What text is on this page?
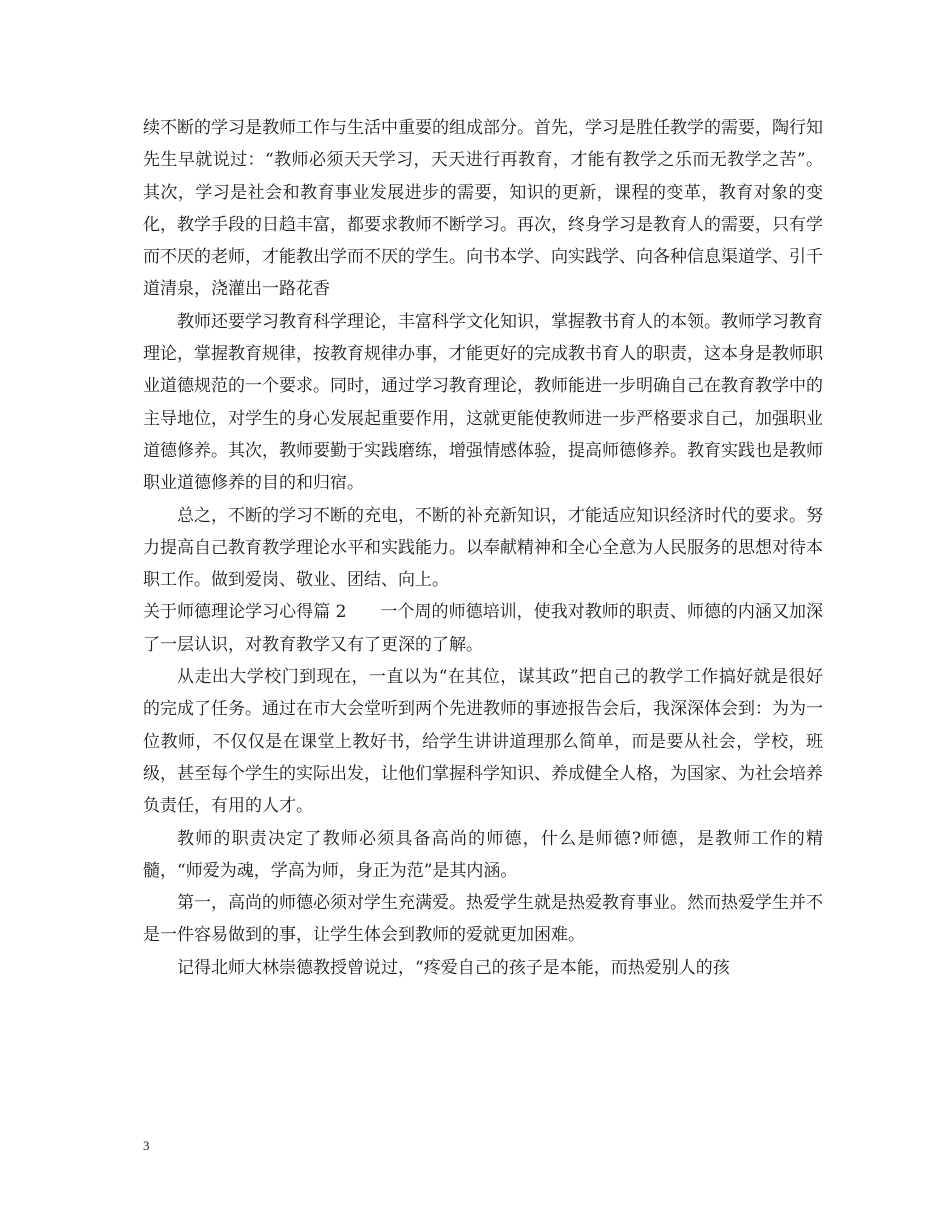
续不断的学习是教师工作与生活中重要的组成部分。首先，学习是胜任教学的需要，陶行知先生早就说过：“教师必须天天学习，天天进行再教育，才能有教学之乐而无教学之苦”。其次，学习是社会和教育事业发展进步的需要，知识的更新，课程的变革，教育对象的变化，教学手段的日趋丰富，都要求教师不断学习。再次，终身学习是教育人的需要，只有学而不厌的老师，才能教出学而不厌的学生。向书本学、向实践学、向各种信息渠道学、引千道清泉，浇灌出一路花香

教师还要学习教育科学理论，丰富科学文化知识，掌握教书育人的本领。教师学习教育理论，掌握教育规律，按教育规律办事，才能更好的完成教书育人的职责，这本身是教师职业道德规范的一个要求。同时，通过学习教育理论，教师能进一步明确自己在教育教学中的主导地位，对学生的身心发展起重要作用，这就更能使教师进一步严格要求自己，加强职业道德修养。其次，教师要勤于实践磨练，增强情感体验，提高师德修养。教育实践也是教师职业道德修养的目的和归宿。

总之，不断的学习不断的充电，不断的补充新知识，才能适应知识经济时代的要求。努力提高自己教育教学理论水平和实践能力。以奉献精神和全心全意为人民服务的思想对待本职工作。做到爱岗、敬业、团结、向上。

关于师德理论学习心得篇 2 一个周的师德培训，使我对教师的职责、师德的内涵又加深了一层认识，对教育教学又有了更深的了解。

从走出大学校门到现在，一直以为“在其位，谋其政”把自己的教学工作搞好就是很好的完成了任务。通过在市大会堂听到两个先进教师的事迹报告会后，我深深体会到：为为一位教师，不仅仅是在课堂上教好书，给学生讲讲道理那么简单，而是要从社会，学校，班级，甚至每个学生的实际出发，让他们掌握科学知识、养成健全人格，为国家、为社会培养负责任，有用的人才。

教师的职责决定了教师必须具备高尚的师德，什么是师德?师德，是教师工作的精髓，“师爱为魂，学高为师，身正为范”是其内涵。

第一，高尚的师德必须对学生充满爱。热爱学生就是热爱教育事业。然而热爱学生并不是一件容易做到的事，让学生体会到教师的爱就更加困难。

记得北师大林崇德教授曾说过，“疼爱自己的孩子是本能，而热爱别人的孩

3
